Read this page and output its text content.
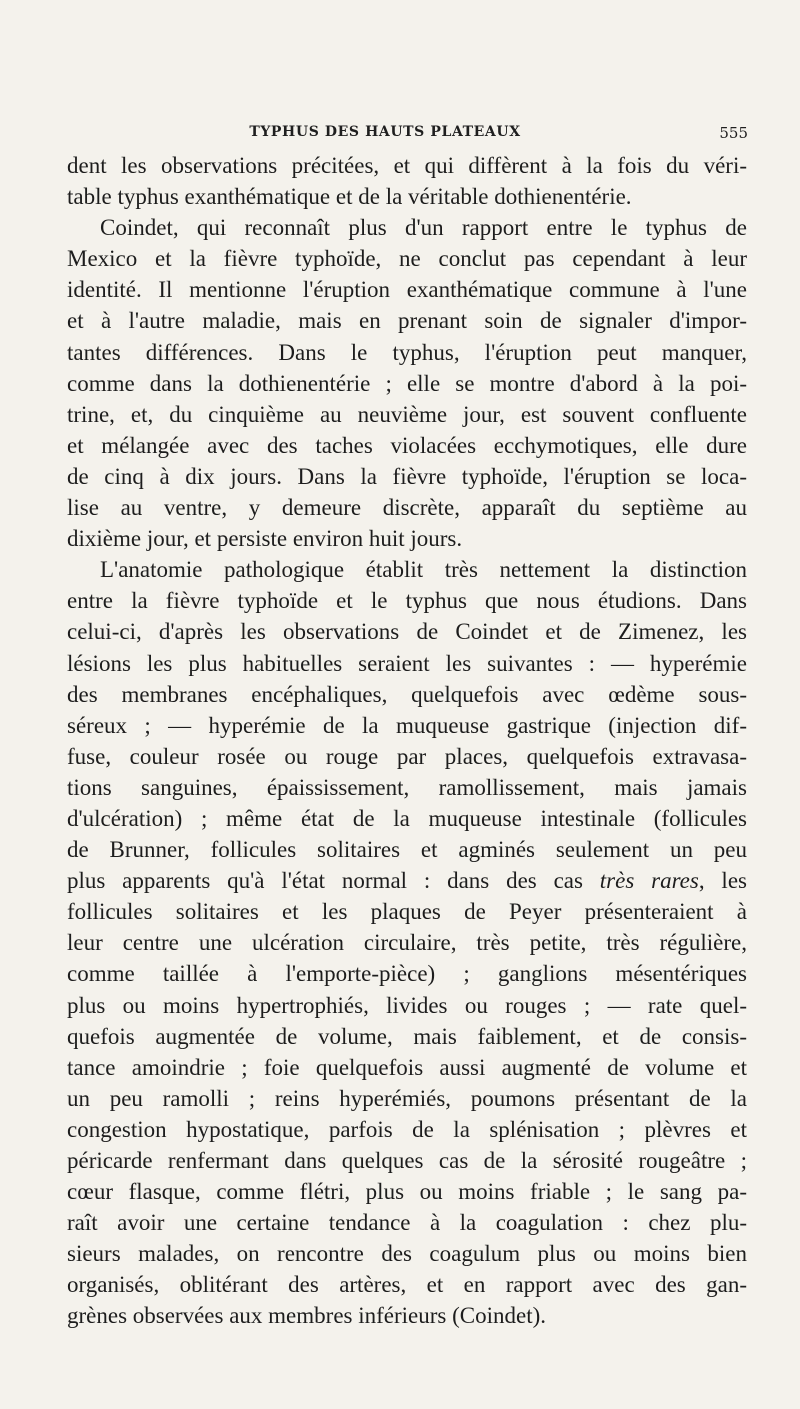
TYPHUS DES HAUTS PLATEAUX	555
dent les observations précitées, et qui diffèrent à la fois du véri-
table typhus exanthématique et de la véritable dothienentérie.
Coindet, qui reconnaît plus d'un rapport entre le typhus de
Mexico et la fièvre typhoïde, ne conclut pas cependant à leur
identité. Il mentionne l'éruption exanthématique commune à l'une
et à l'autre maladie, mais en prenant soin de signaler d'impor-
tantes différences. Dans le typhus, l'éruption peut manquer,
comme dans la dothienentérie ; elle se montre d'abord à la poi-
trine, et, du cinquième au neuvième jour, est souvent confluente
et mélangée avec des taches violacées ecchymotiques, elle dure
de cinq à dix jours. Dans la fièvre typhoïde, l'éruption se loca-
lise au ventre, y demeure discrète, apparaît du septième au
dixième jour, et persiste environ huit jours.
L'anatomie pathologique établit très nettement la distinction
entre la fièvre typhoïde et le typhus que nous étudions. Dans
celui-ci, d'après les observations de Coindet et de Zimenez, les
lésions les plus habituelles seraient les suivantes : — hyperémie
des membranes encéphaliques, quelquefois avec œdème sous-
séreux ; — hyperémie de la muqueuse gastrique (injection dif-
fuse, couleur rosée ou rouge par places, quelquefois extravasa-
tions sanguines, épaississement, ramollissement, mais jamais
d'ulcération) ; même état de la muqueuse intestinale (follicules
de Brunner, follicules solitaires et agminés seulement un peu
plus apparents qu'à l'état normal : dans des cas très rares, les
follicules solitaires et les plaques de Peyer présenteraient à
leur centre une ulcération circulaire, très petite, très régulière,
comme taillée à l'emporte-pièce) ; ganglions mésentériques
plus ou moins hypertrophiés, livides ou rouges ; — rate quel-
quefois augmentée de volume, mais faiblement, et de consis-
tance amoindrie ; foie quelquefois aussi augmenté de volume et
un peu ramolli ; reins hyperémiés, poumons présentant de la
congestion hypostatique, parfois de la splénisation ; plèvres et
péricarde renfermant dans quelques cas de la sérosité rougeâtre ;
cœur flasque, comme flétri, plus ou moins friable ; le sang pa-
raît avoir une certaine tendance à la coagulation : chez plu-
sieurs malades, on rencontre des coagulum plus ou moins bien
organisés, oblitérant des artères, et en rapport avec des gan-
grènes observées aux membres inférieurs (Coindet).
